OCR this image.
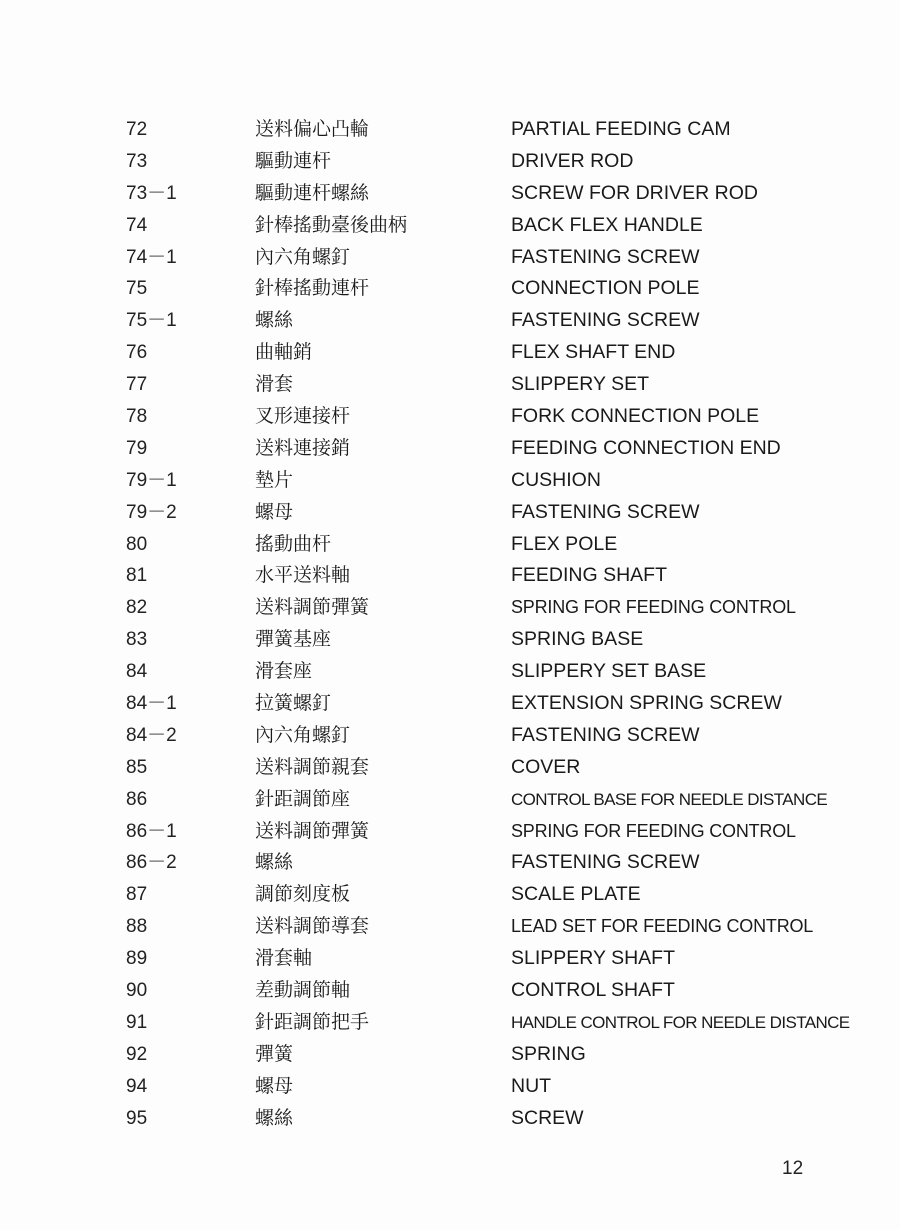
72	送料偏心凸輪	PARTIAL FEEDING CAM
73	驅動連杆	DRIVER ROD
73－1	驅動連杆螺絲	SCREW FOR DRIVER ROD
74	針棒搖動臺後曲柄	BACK FLEX HANDLE
74－1	內六角螺釘	FASTENING SCREW
75	針棒搖動連杆	CONNECTION POLE
75－1	螺絲	FASTENING SCREW
76	曲軸銷	FLEX SHAFT END
77	滑套	SLIPPERY SET
78	叉形連接杆	FORK CONNECTION POLE
79	送料連接銷	FEEDING CONNECTION END
79－1	墊片	CUSHION
79－2	螺母	FASTENING SCREW
80	搖動曲杆	FLEX POLE
81	水平送料軸	FEEDING SHAFT
82	送料調節彈簧	SPRING FOR FEEDING CONTROL
83	彈簧基座	SPRING BASE
84	滑套座	SLIPPERY SET BASE
84－1	拉簧螺釘	EXTENSION SPRING SCREW
84－2	內六角螺釘	FASTENING SCREW
85	送料調節親套	COVER
86	針距調節座	CONTROL BASE FOR NEEDLE DISTANCE
86－1	送料調節彈簧	SPRING FOR FEEDING CONTROL
86－2	螺絲	FASTENING SCREW
87	調節刻度板	SCALE PLATE
88	送料調節導套	LEAD SET FOR FEEDING CONTROL
89	滑套軸	SLIPPERY SHAFT
90	差動調節軸	CONTROL SHAFT
91	針距調節把手	HANDLE CONTROL FOR NEEDLE DISTANCE
92	彈簧	SPRING
94	螺母	NUT
95	螺絲	SCREW
12
